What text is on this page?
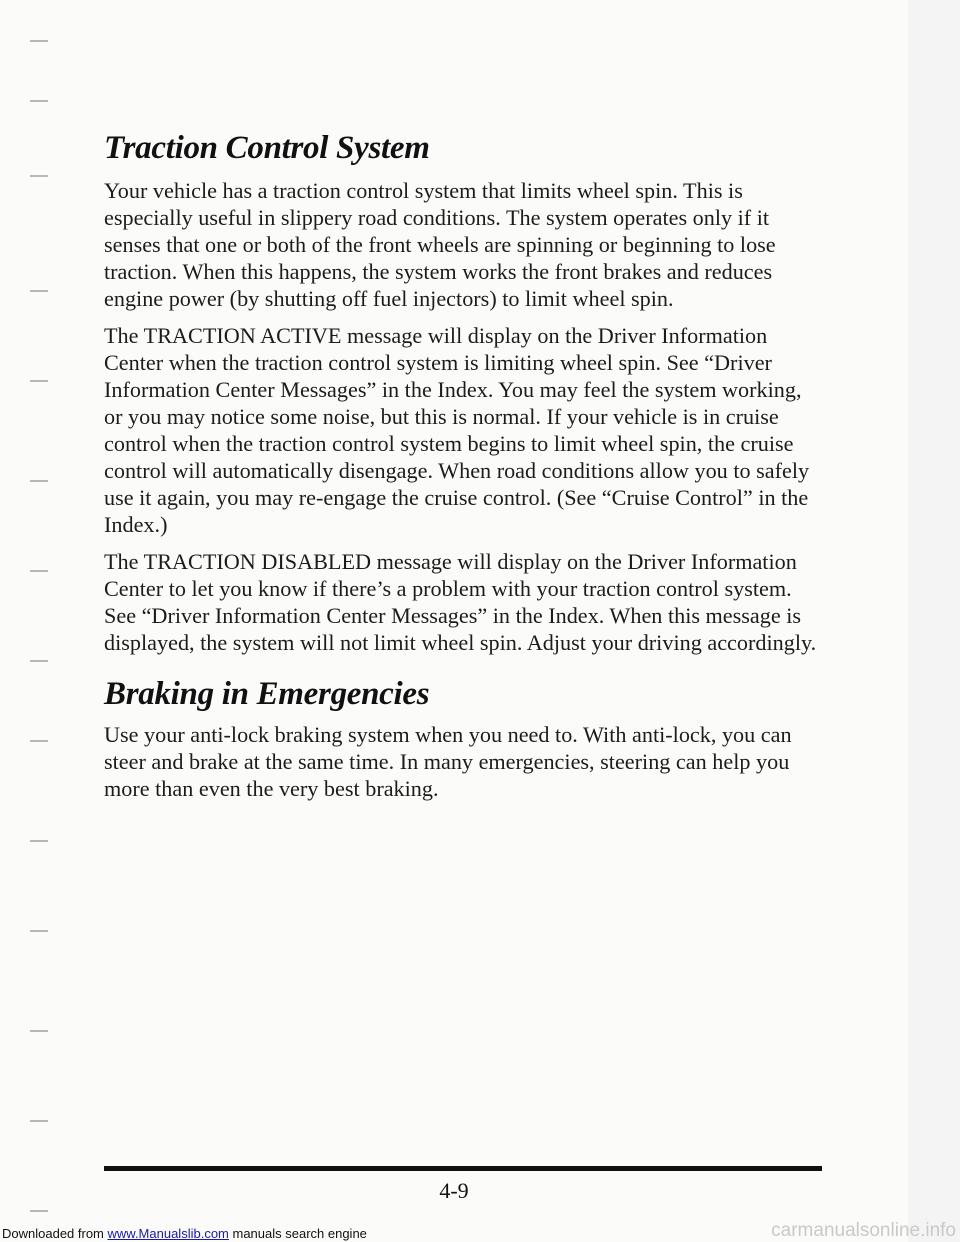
Traction Control System

Your vehicle has a traction control system that limits wheel spin. This is especially useful in slippery road conditions. The system operates only if it senses that one or both of the front wheels are spinning or beginning to lose traction. When this happens, the system works the front brakes and reduces engine power (by shutting off fuel injectors) to limit wheel spin.

The TRACTION ACTIVE message will display on the Driver Information Center when the traction control system is limiting wheel spin. See “Driver Information Center Messages” in the Index. You may feel the system working, or you may notice some noise, but this is normal. If your vehicle is in cruise control when the traction control system begins to limit wheel spin, the cruise control will automatically disengage. When road conditions allow you to safely use it again, you may re-engage the cruise control. (See “Cruise Control” in the Index.)

The TRACTION DISABLED message will display on the Driver Information Center to let you know if there’s a problem with your traction control system. See “Driver Information Center Messages” in the Index. When this message is displayed, the system will not limit wheel spin. Adjust your driving accordingly.

Braking in Emergencies

Use your anti-lock braking system when you need to. With anti-lock, you can steer and brake at the same time. In many emergencies, steering can help you more than even the very best braking.

4-9
Downloaded from www.Manualslib.com manuals search engine	carmanualsonline.info
